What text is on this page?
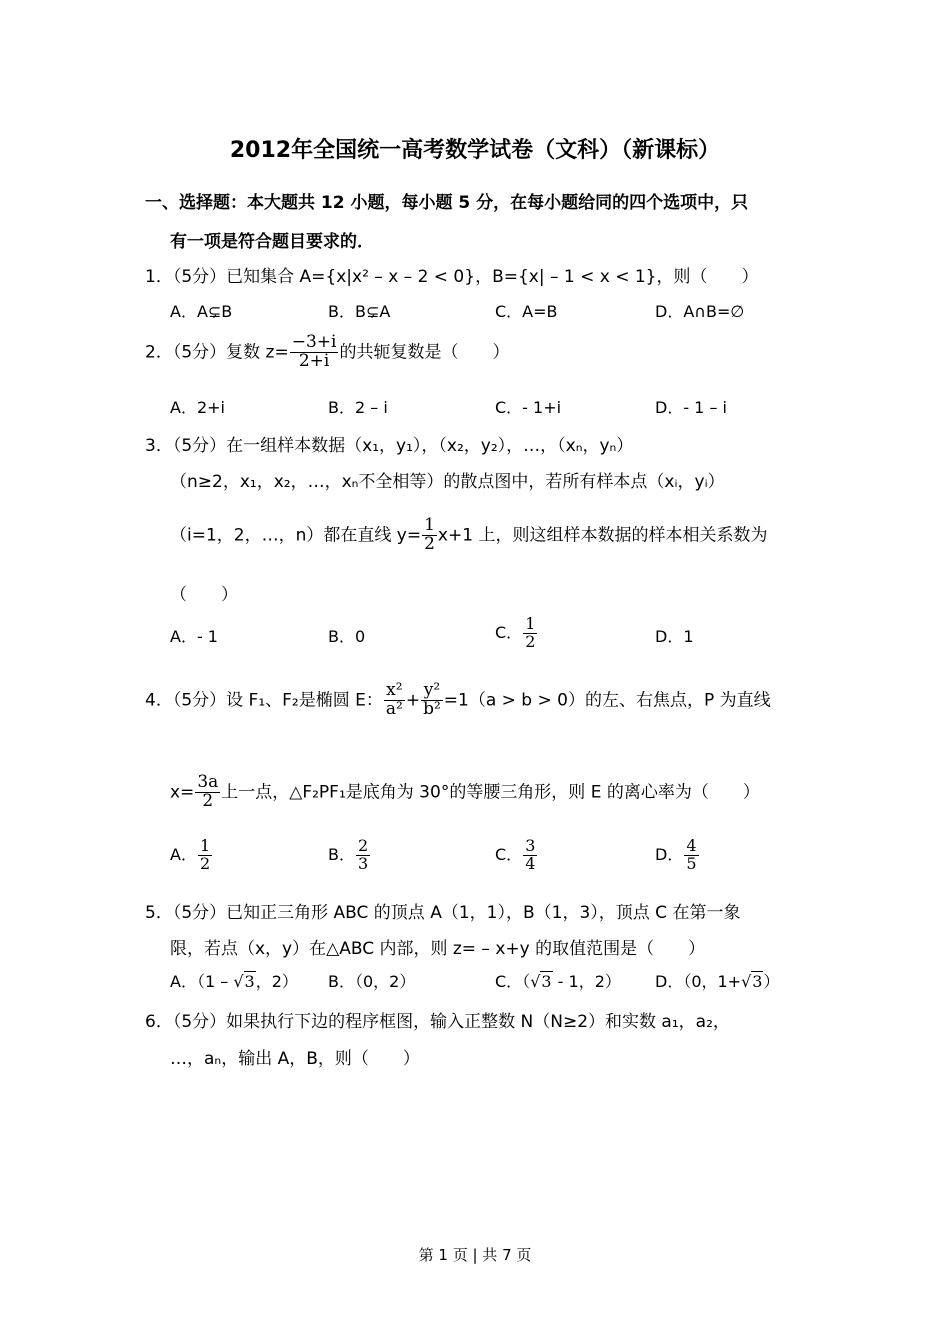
2012年全国统一高考数学试卷（文科）（新课标）
一、选择题：本大题共 12 小题，每小题 5 分，在每小题给同的四个选项中，只
有一项是符合题目要求的．
1．（5分）已知集合 A={x|x² – x – 2 < 0}，B={x| – 1 < x < 1}，则（　　）
A．A⊊B	B．B⊊A	C．A=B	D．A∩B=∅
2．（5分）复数 $z= \frac{-3+i}{2+i}$ 的共轭复数是（　　）
A．2+i	B．2 – i	C．- 1+i	D．- 1 – i
3．（5分）在一组样本数据（x₁，y₁），（x₂，y₂），…，（xₙ，yₙ）
（n≥2，x₁，x₂，…，xₙ不全相等）的散点图中，若所有样本点（xᵢ，yᵢ）
（i=1，2，…，n）都在直线 $y= \frac{1}{2} x+1$ 上，则这组样本数据的样本相关系数为
（　　）
A．- 1	B．0	C． $\frac{1}{2}$	D．1
4．（5分）设 F₁、F₂是椭圆 E： $\frac{\text{x²}}{\text{a²}} + \frac{\text{y²}}{\text{b²}} =1(a > b > 0)$的左、右焦点，P 为直线
$x= \frac{3a}{2}$ 上一点，△F₂PF₁是底角为 30°的等腰三角形，则 E 的离心率为（　　）
A． $\frac{1}{2}$	B． $\frac{2}{3}$	C． $\frac{3}{4}$	D． $\frac{4}{5}$
5．（5分）已知正三角形 ABC 的顶点 A（1，1），B（1，3），顶点 C 在第一象
限，若点（x，y）在△ABC 内部，则 z= – x+y 的取值范围是（　　）
A．（1 – √3，2） B．（0，2）	C．（√3 - 1，2） D．（0，1+√3）
6．（5分）如果执行下边的程序框图，输入正整数 N（N≥2）和实数 a₁，a₂，
…，aₙ，输出 A，B，则（　　）
第 1 页 | 共 7 页
